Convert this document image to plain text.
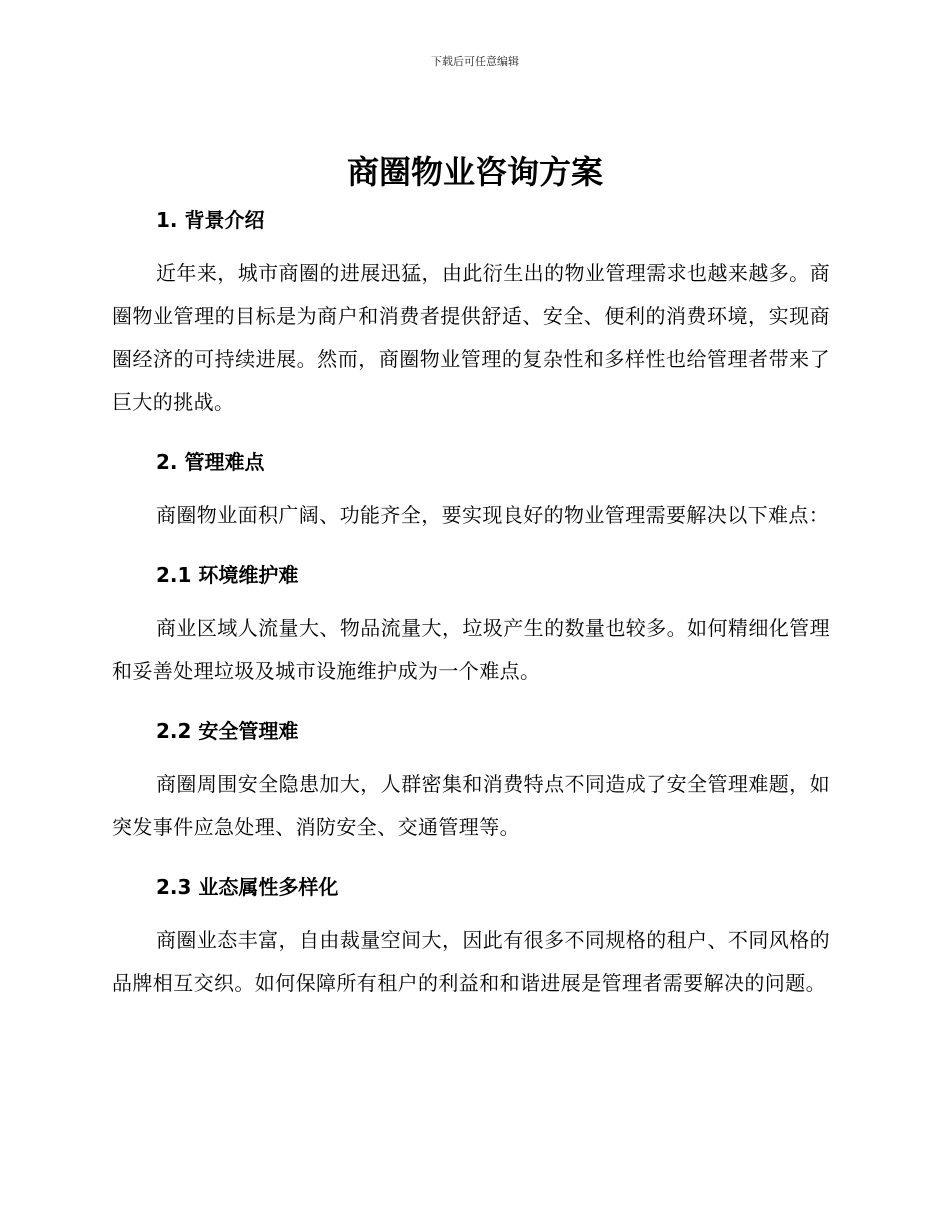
下载后可任意编辑
商圈物业咨询方案
1. 背景介绍

近年来，城市商圈的进展迅猛，由此衍生出的物业管理需求也越来越多。商圈物业管理的目标是为商户和消费者提供舒适、安全、便利的消费环境，实现商圈经济的可持续进展。然而，商圈物业管理的复杂性和多样性也给管理者带来了巨大的挑战。

2. 管理难点

商圈物业面积广阔、功能齐全，要实现良好的物业管理需要解决以下难点：

2.1 环境维护难

商业区域人流量大、物品流量大，垃圾产生的数量也较多。如何精细化管理和妥善处理垃圾及城市设施维护成为一个难点。

2.2 安全管理难

商圈周围安全隐患加大，人群密集和消费特点不同造成了安全管理难题，如突发事件应急处理、消防安全、交通管理等。

2.3 业态属性多样化

商圈业态丰富，自由裁量空间大，因此有很多不同规格的租户、不同风格的品牌相互交织。如何保障所有租户的利益和和谐进展是管理者需要解决的问题。
